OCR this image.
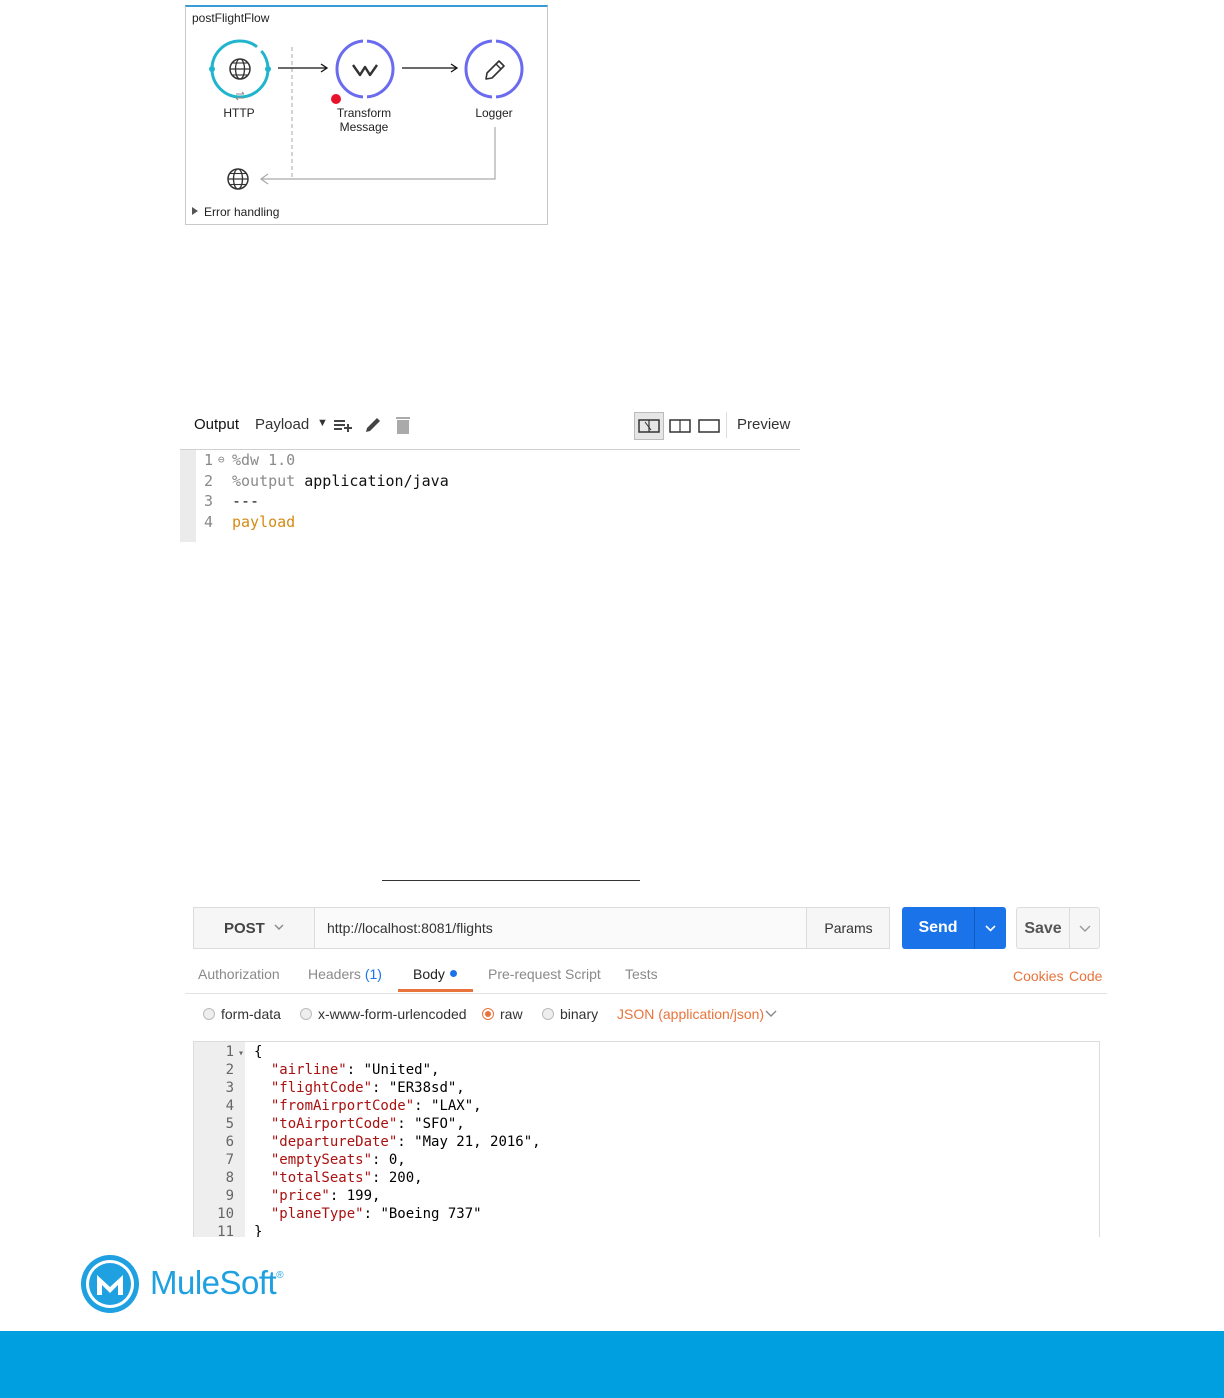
postFlightFlow
HTTP	Transform
Message
Logger
Error handling
Output Payload ▼	Preview
1 ⊖ %dw 1.0
2 %output application/java
3 ---
4 payload
POST	http://localhost:8081/flights	Params	Send	Save
Authorization Headers (1) Body	Pre-request Script Tests	Cookies Code
form-data	x-www-form-urlencoded	raw	binary JSON (application/json)
1 ▾ {
2	"airline": "United",
3	"flightCode": "ER38sd",
4	"fromAirportCode": "LAX",
5	"toAirportCode": "SFO",
6	"departureDate": "May 21, 2016",
7	"emptySeats": 0,
8	"totalSeats": 200,
9	"price": 199,
10	"planeType": "Boeing 737"
11 }
MuleSoft®
